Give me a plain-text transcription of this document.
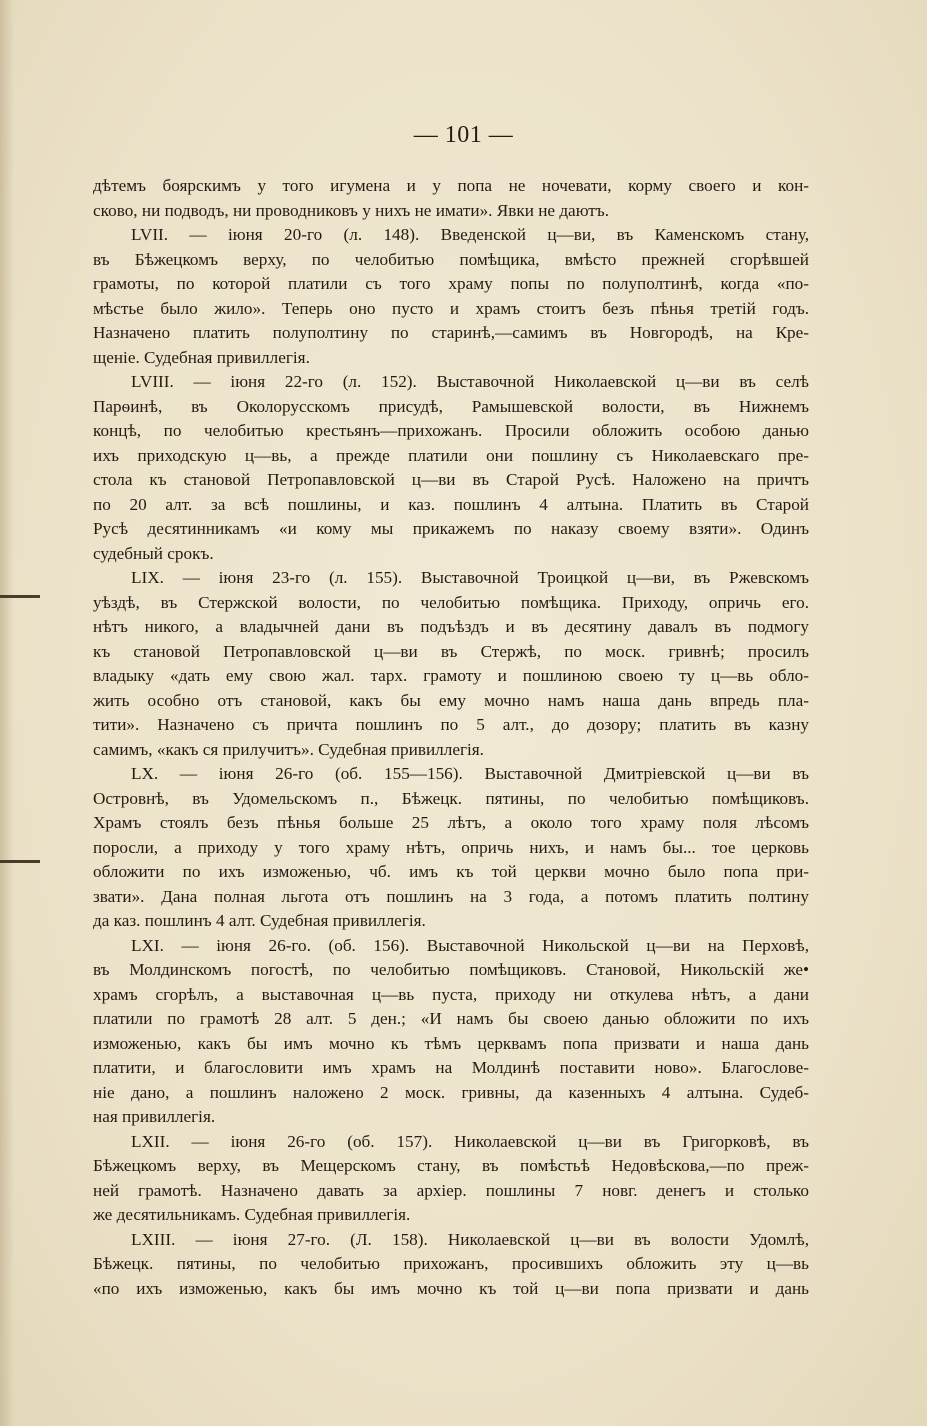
— 101 —
дѣтемъ боярскимъ у того игумена и у попа не ночевати, корму своего и кон-
сково, ни подводъ, ни проводниковъ у нихъ не имати». Явки не даютъ.
LVII. — іюня 20-го (л. 148). Введенской ц—ви, въ Каменскомъ стану,
въ Бѣжецкомъ верху, по челобитью помѣщика, вмѣсто прежней сгорѣвшей
грамоты, по которой платили съ того храму попы по полуполтинѣ, когда «по-
мѣстье было жило». Теперь оно пусто и храмъ стоитъ безъ пѣнья третій годъ.
Назначено платить полуполтину по старинѣ,—самимъ въ Новгородѣ, на Кре-
щеніе. Судебная привиллегія.
LVIII. — іюня 22-го (л. 152). Выставочной Николаевской ц—ви въ селѣ
Парѳинѣ, въ Околорусскомъ присудѣ, Рамышевской волости, въ Нижнемъ
концѣ, по челобитью крестьянъ—прихожанъ. Просили обложить особою данью
ихъ приходскую ц—вь, а прежде платили они пошлину съ Николаевскаго пре-
стола къ становой Петропавловской ц—ви въ Старой Русѣ. Наложено на причтъ
по 20 алт. за всѣ пошлины, и каз. пошлинъ 4 алтына. Платить въ Старой
Русѣ десятинникамъ «и кому мы прикажемъ по наказу своему взяти». Одинъ
судебный срокъ.
LIX. — іюня 23-го (л. 155). Выставочной Троицкой ц—ви, въ Ржевскомъ
уѣздѣ, въ Стержской волости, по челобитью помѣщика. Приходу, опричь его.
нѣтъ никого, а владычней дани въ подъѣздъ и въ десятину давалъ въ подмогу
къ становой Петропавловской ц—ви въ Стержѣ, по моск. гривнѣ; просилъ
владыку «дать ему свою жал. тарх. грамоту и пошлиною своею ту ц—вь обло-
жить особно отъ становой, какъ бы ему мочно намъ наша дань впредь пла-
тити». Назначено съ причта пошлинъ по 5 алт., до дозору; платить въ казну
самимъ, «какъ ся прилучитъ». Судебная привиллегія.
LX. — іюня 26-го (об. 155—156). Выставочной Дмитріевской ц—ви въ
Островнѣ, въ Удомельскомъ п., Бѣжецк. пятины, по челобитью помѣщиковъ.
Храмъ стоялъ безъ пѣнья больше 25 лѣтъ, а около того храму поля лѣсомъ
поросли, а приходу у того храму нѣтъ, опричь нихъ, и намъ бы... тое церковь
обложити по ихъ изможенью, чб. имъ къ той церкви мочно было попа при-
звати». Дана полная льгота отъ пошлинъ на 3 года, а потомъ платить полтину
да каз. пошлинъ 4 алт. Судебная привиллегія.
LXI. — іюня 26-го. (об. 156). Выставочной Никольской ц—ви на Перховѣ,
въ Молдинскомъ погостѣ, по челобитью помѣщиковъ. Становой, Никольскій же•
храмъ сгорѣлъ, а выставочная ц—вь пуста, приходу ни откулева нѣтъ, а дани
платили по грамотѣ 28 алт. 5 ден.; «И намъ бы своею данью обложити по ихъ
изможенью, какъ бы имъ мочно къ тѣмъ церквамъ попа призвати и наша дань
платити, и благословити имъ храмъ на Молдинѣ поставити ново». Благослове-
ніе дано, а пошлинъ наложено 2 моск. гривны, да казенныхъ 4 алтына. Судеб-
ная привиллегія.
LXII. — іюня 26-го (об. 157). Николаевской ц—ви въ Григорковѣ, въ
Бѣжецкомъ верху, въ Мещерскомъ стану, въ помѣстьѣ Недовѣскова,—по преж-
ней грамотѣ. Назначено давать за архіер. пошлины 7 новг. денегъ и столько
же десятильникамъ. Судебная привиллегія.
LXIII. — іюня 27-го. (Л. 158). Николаевской ц—ви въ волости Удомлѣ,
Бѣжецк. пятины, по челобитью прихожанъ, просившихъ обложить эту ц—вь
«по ихъ изможенью, какъ бы имъ мочно къ той ц—ви попа призвати и дань
